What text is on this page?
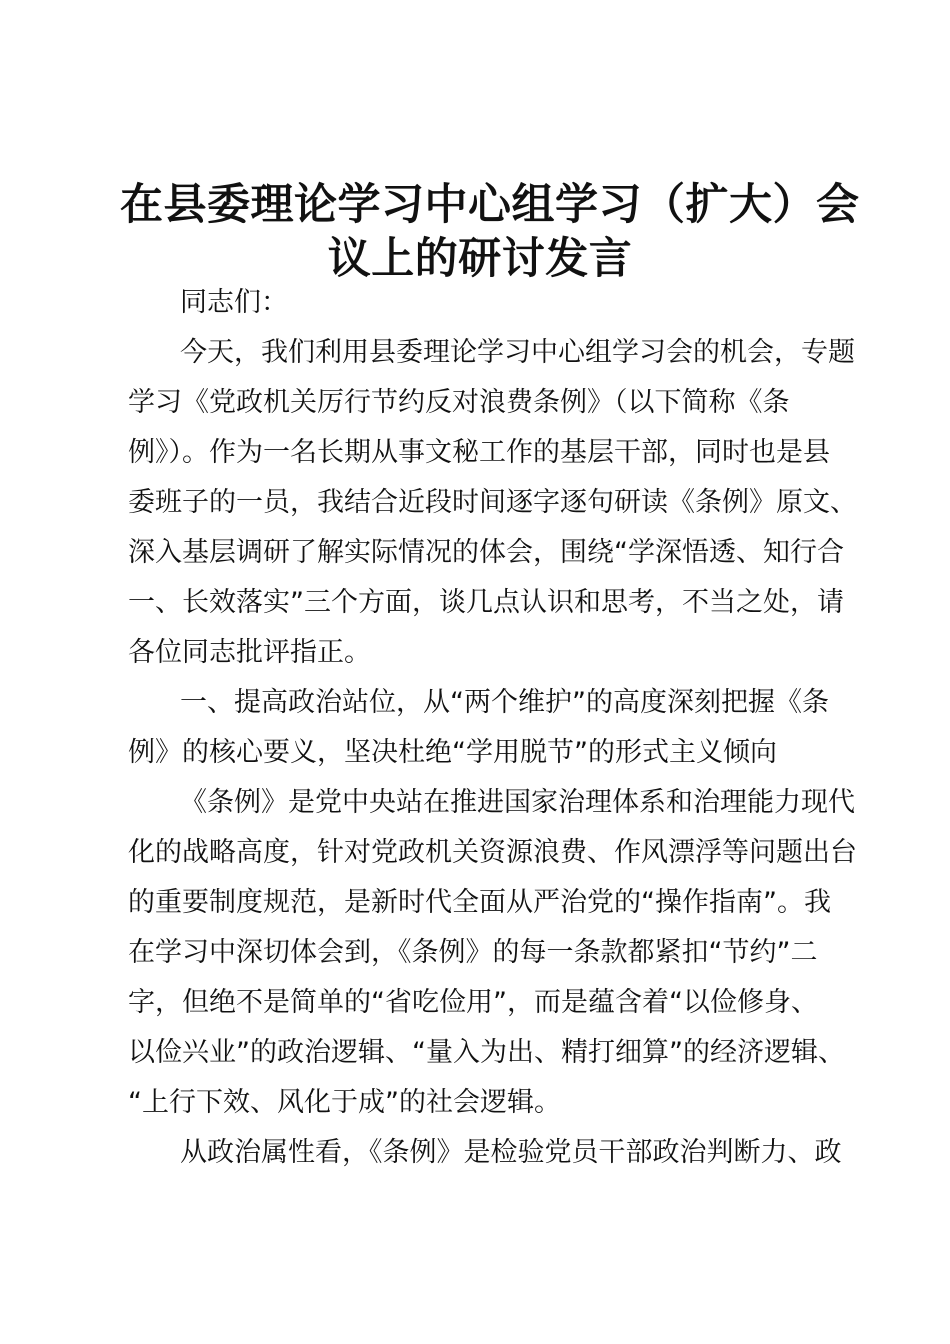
在县委理论学习中心组学习（扩大）会
议上的研讨发言

同志们：

今天，我们利用县委理论学习中心组学习会的机会，专题
学习《党政机关厉行节约反对浪费条例》（以下简称《条
例》）。作为一名长期从事文秘工作的基层干部，同时也是县
委班子的一员，我结合近段时间逐字逐句研读《条例》原文、
深入基层调研了解实际情况的体会，围绕“学深悟透、知行合
一、长效落实”三个方面，谈几点认识和思考，不当之处，请
各位同志批评指正。

一、提高政治站位，从“两个维护”的高度深刻把握《条
例》的核心要义，坚决杜绝“学用脱节”的形式主义倾向

《条例》是党中央站在推进国家治理体系和治理能力现代
化的战略高度，针对党政机关资源浪费、作风漂浮等问题出台
的重要制度规范，是新时代全面从严治党的“操作指南”。我
在学习中深切体会到，《条例》的每一条款都紧扣“节约”二
字，但绝不是简单的“省吃俭用”，而是蕴含着“以俭修身、
以俭兴业”的政治逻辑、“量入为出、精打细算”的经济逻辑、
“上行下效、风化于成”的社会逻辑。

从政治属性看，《条例》是检验党员干部政治判断力、政
